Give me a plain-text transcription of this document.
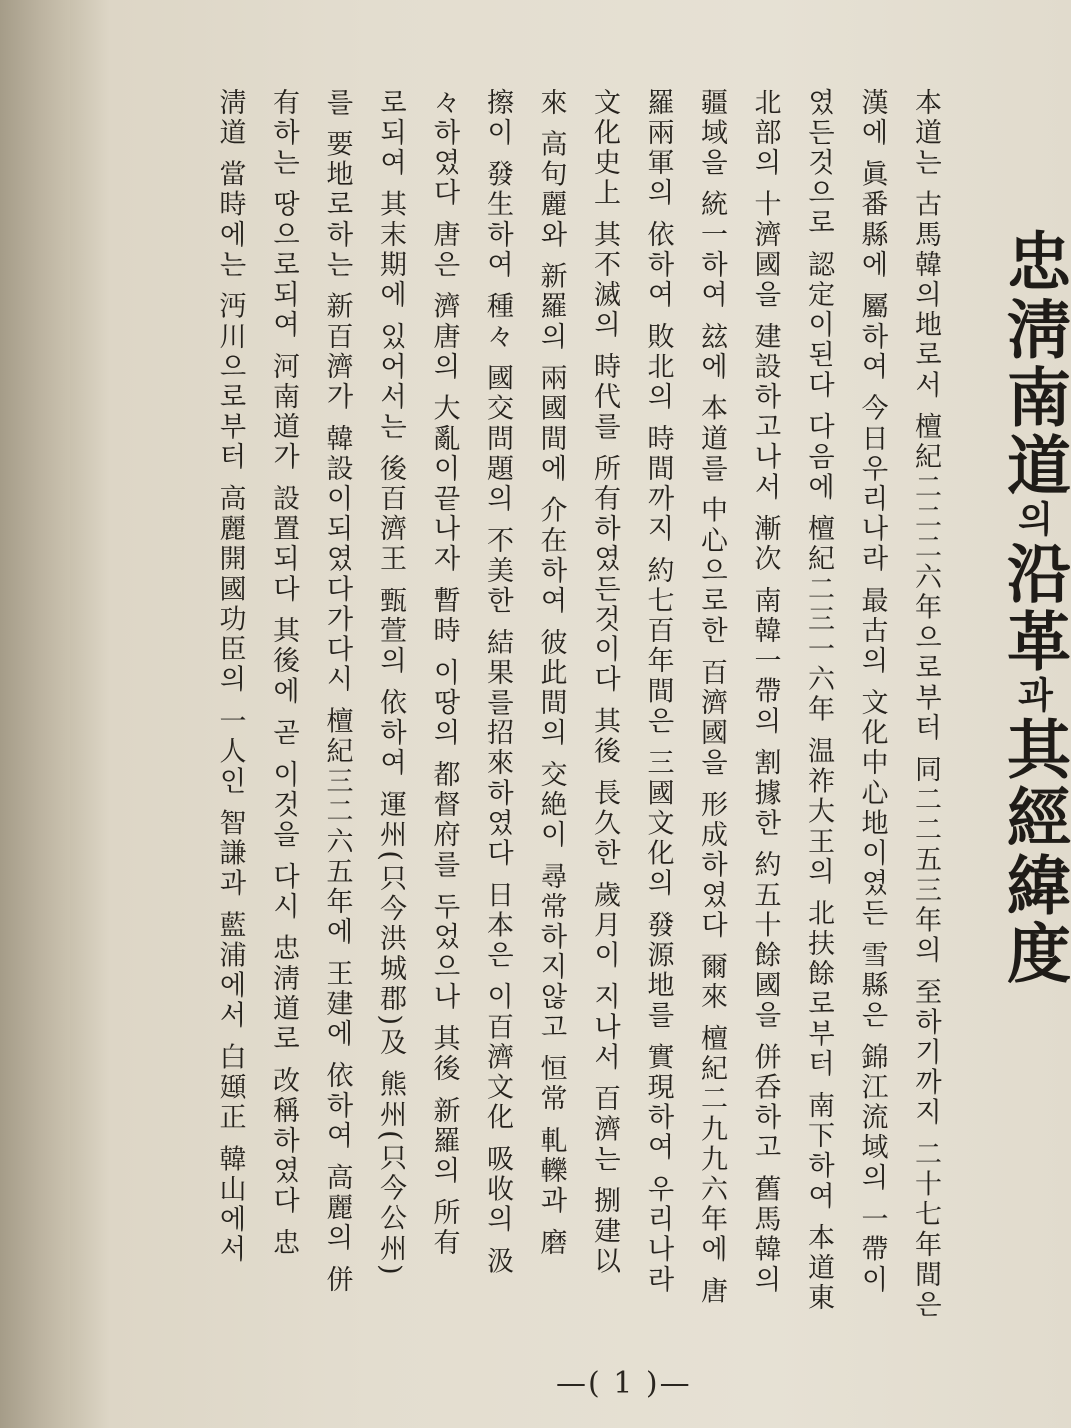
忠淸南道의沿革과其經緯度
本道는 古馬韓의地로서 檀紀二二二六年으로부터 同二二五三年의 至하기까지 二十七年間은
漢에 眞番縣에 屬하여 今日우리나라 最古의 文化中心地이였든 雪縣은 錦江流域의 一帶이
였든것으로 認定이된다 다음에 檀紀二三一六年 温祚大王의 北扶餘로부터 南下하여 本道東
北部의 十濟國을 建設하고나서 漸次 南韓一帶의 割據한 約五十餘國을 併呑하고 舊馬韓의
疆域을 統一하여 玆에 本道를 中心으로한 百濟國을 形成하였다 爾來 檀紀二九九六年에 唐
羅兩軍의 依하여 敗北의 時間까지 約七百年間은 三國文化의 發源地를 實現하여 우리나라
文化史上 其不滅의 時代를 所有하였든것이다 其後 長久한 歲月이 지나서 百濟는 捌建以
來 高句麗와 新羅의 兩國間에 介在하여 彼此間의 交絶이 尋常하지않고 恒常 軋轢과 磨
擦이 發生하여 種々 國交問題의 不美한 結果를招來하였다 日本은 이百濟文化 吸收의 汲
々하였다 唐은 濟唐의 大亂이끝나자 暫時 이땅의 都督府를 두었으나 其後 新羅의 所有
로되여 其末期에 있어서는 後百濟王 甄萱의 依하여 運州(只今洪城郡)及 熊州(只今公州)
를 要地로하는 新百濟가 韓設이되였다가다시 檀紀三二六五年에 王建에 依하여 高麗의 併
有하는 땅으로되여 河南道가 設置되다 其後에 곧 이것을 다시 忠淸道로 改稱하였다 忠
淸道 當時에는 沔川으로부터 高麗開國功臣의 一人인 智謙과 藍浦에서 白頲正 韓山에서
—( 1 )—
